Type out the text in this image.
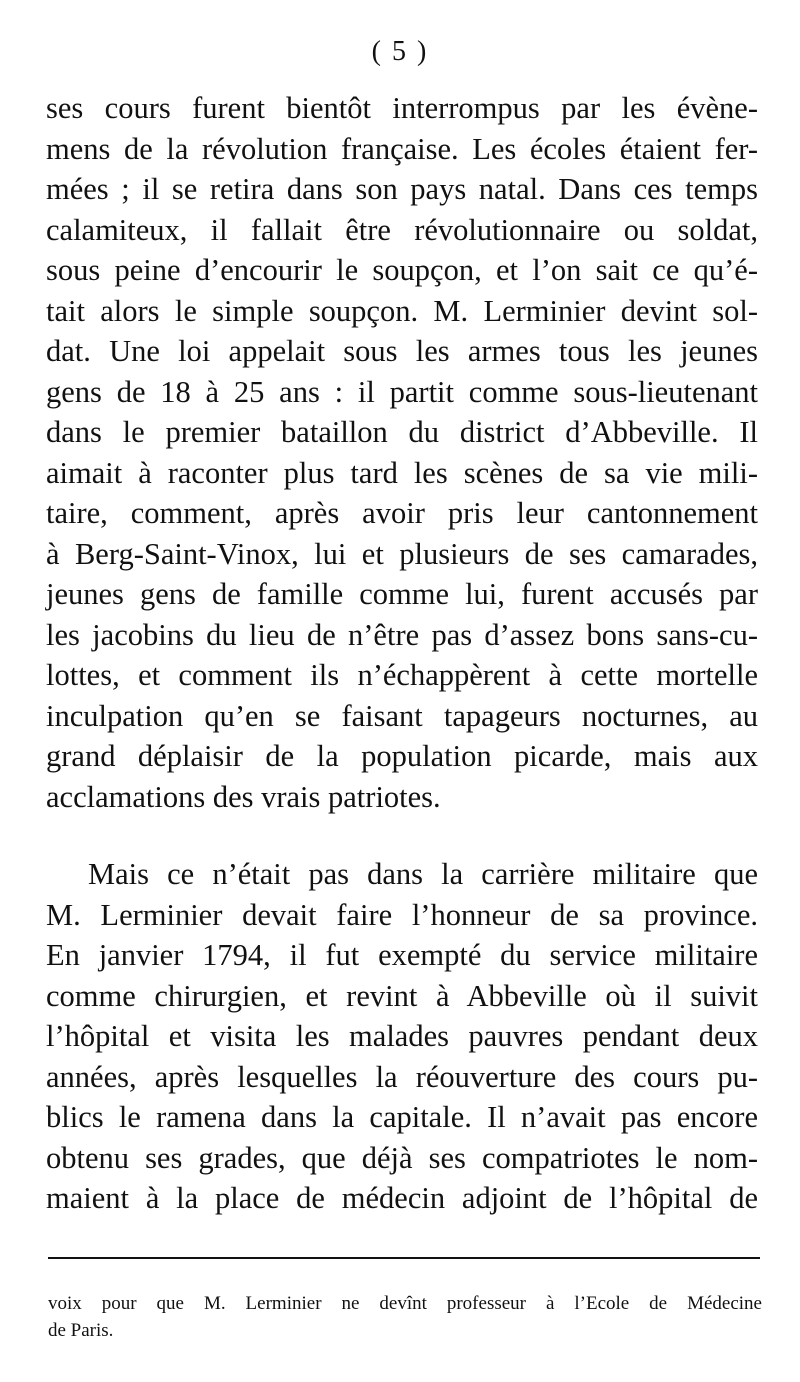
( 5 )
ses cours furent bientôt interrompus par les évène-
mens de la révolution française. Les écoles étaient fer-
mées ; il se retira dans son pays natal. Dans ces temps
calamiteux, il fallait être révolutionnaire ou soldat,
sous peine d’encourir le soupçon, et l’on sait ce qu’é-
tait alors le simple soupçon. M. Lerminier devint sol-
dat. Une loi appelait sous les armes tous les jeunes
gens de 18 à 25 ans : il partit comme sous-lieutenant
dans le premier bataillon du district d’Abbeville. Il
aimait à raconter plus tard les scènes de sa vie mili-
taire, comment, après avoir pris leur cantonnement
à Berg-Saint-Vinox, lui et plusieurs de ses camarades,
jeunes gens de famille comme lui, furent accusés par
les jacobins du lieu de n’être pas d’assez bons sans-cu-
lottes, et comment ils n’échappèrent à cette mortelle
inculpation qu’en se faisant tapageurs nocturnes, au
grand déplaisir de la population picarde, mais aux
acclamations des vrais patriotes.
Mais ce n’était pas dans la carrière militaire que
M. Lerminier devait faire l’honneur de sa province.
En janvier 1794, il fut exempté du service militaire
comme chirurgien, et revint à Abbeville où il suivit
l’hôpital et visita les malades pauvres pendant deux
années, après lesquelles la réouverture des cours pu-
blics le ramena dans la capitale. Il n’avait pas encore
obtenu ses grades, que déjà ses compatriotes le nom-
maient à la place de médecin adjoint de l’hôpital de
voix pour que M. Lerminier ne devînt professeur à l’Ecole de Médecine
de Paris.
